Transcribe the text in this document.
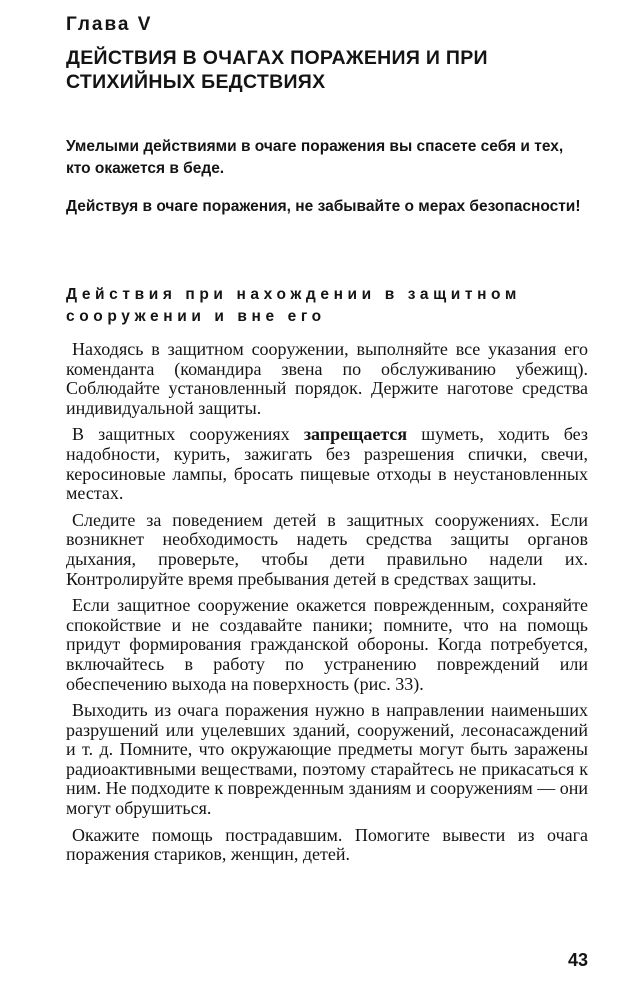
Глава V
ДЕЙСТВИЯ В ОЧАГАХ ПОРАЖЕНИЯ И ПРИ СТИХИЙНЫХ БЕДСТВИЯХ
Умелыми действиями в очаге поражения вы спасете себя и тех, кто окажется в беде.
Действуя в очаге поражения, не забывайте о мерах безопасности!
Действия при нахождении в защитном сооружении и вне его

Находясь в защитном сооружении, выполняйте все указания его коменданта (командира звена по обслуживанию убежищ). Соблюдайте установленный порядок. Держите наготове средства индивидуальной защиты.

В защитных сооружениях запрещается шуметь, ходить без надобности, курить, зажигать без разрешения спички, свечи, керосиновые лампы, бросать пищевые отходы в неустановленных местах.

Следите за поведением детей в защитных сооружениях. Если возникнет необходимость надеть средства защиты органов дыхания, проверьте, чтобы дети правильно надели их. Контролируйте время пребывания детей в средствах защиты.

Если защитное сооружение окажется поврежденным, сохраняйте спокойствие и не создавайте паники; помните, что на помощь придут формирования гражданской обороны. Когда потребуется, включайтесь в работу по устранению повреждений или обеспечению выхода на поверхность (рис. 33).

Выходить из очага поражения нужно в направлении наименьших разрушений или уцелевших зданий, сооружений, лесонасаждений и т. д. Помните, что окружающие предметы могут быть заражены радиоактивными веществами, поэтому старайтесь не прикасаться к ним. Не подходите к поврежденным зданиям и сооружениям — они могут обрушиться.

Окажите помощь пострадавшим. Помогите вывести из очага поражения стариков, женщин, детей.

43
